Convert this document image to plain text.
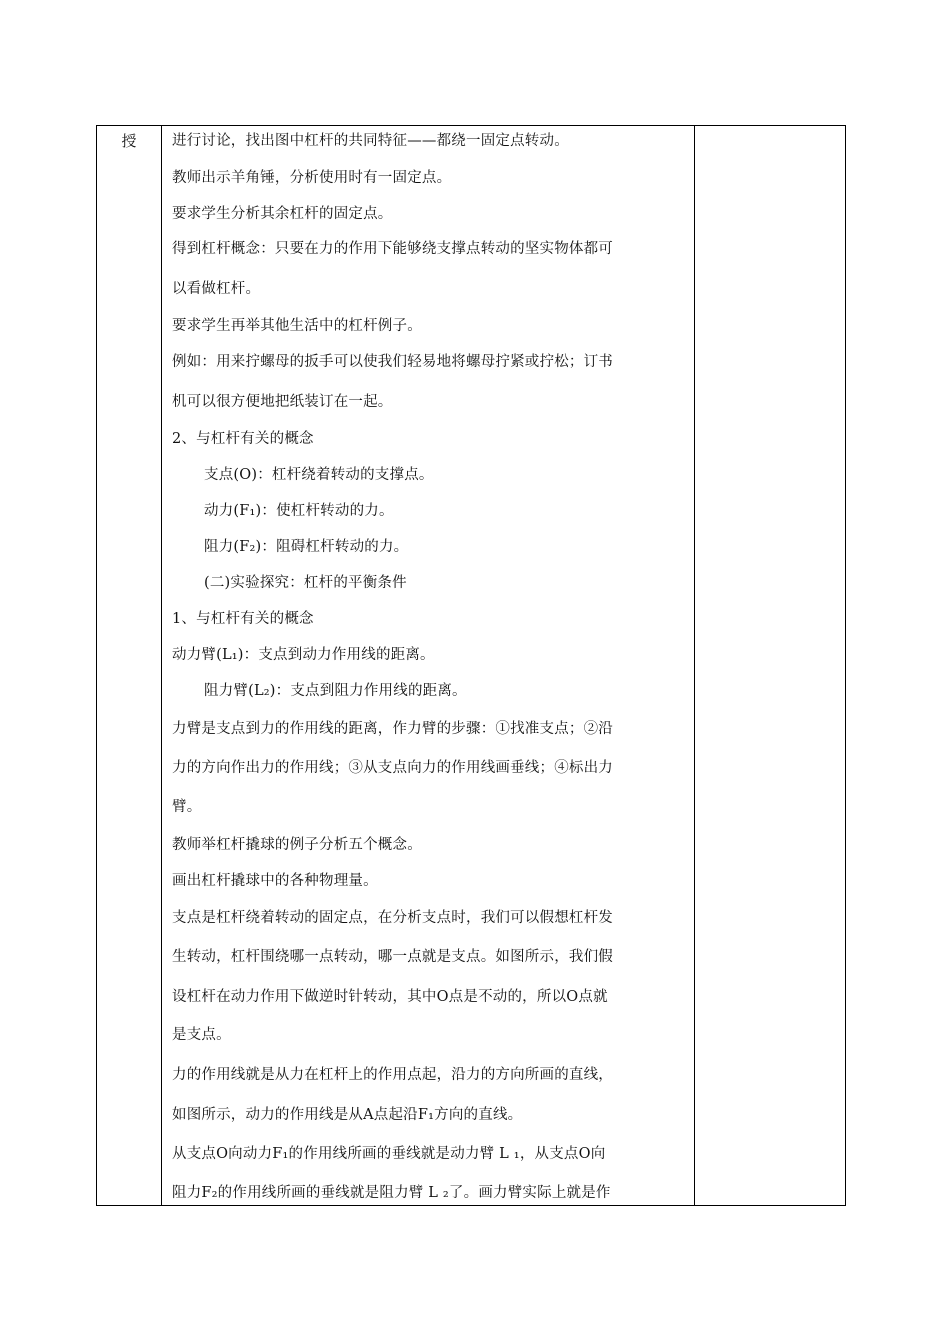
授	进行讨论，找出图中杠杆的共同特征——都绕一固定点转动。
教师出示羊角锤，分析使用时有一固定点。
要求学生分析其余杠杆的固定点。
得到杠杆概念：只要在力的作用下能够绕支撑点转动的坚实物体都可
以看做杠杆。
要求学生再举其他生活中的杠杆例子。
例如：用来拧螺母的扳手可以使我们轻易地将螺母拧紧或拧松；订书
机可以很方便地把纸装订在一起。
2、与杠杆有关的概念
支点(O)：杠杆绕着转动的支撑点。
动力(F₁)：使杠杆转动的力。
阻力(F₂)：阻碍杠杆转动的力。
(二)实验探究：杠杆的平衡条件
1、与杠杆有关的概念
动力臂(L₁)：支点到动力作用线的距离。
阻力臂(L₂)：支点到阻力作用线的距离。
力臂是支点到力的作用线的距离，作力臂的步骤：①找准支点；②沿
力的方向作出力的作用线；③从支点向力的作用线画垂线；④标出力
臂。
教师举杠杆撬球的例子分析五个概念。
画出杠杆撬球中的各种物理量。
支点是杠杆绕着转动的固定点，在分析支点时，我们可以假想杠杆发
生转动，杠杆围绕哪一点转动，哪一点就是支点。如图所示，我们假
设杠杆在动力作用下做逆时针转动，其中O点是不动的，所以O点就
是支点。
力的作用线就是从力在杠杆上的作用点起，沿力的方向所画的直线，
如图所示，动力的作用线是从A点起沿F₁方向的直线。
从支点O向动力F₁的作用线所画的垂线就是动力臂 L ₁，从支点O向
阻力F₂的作用线所画的垂线就是阻力臂 L ₂了。画力臂实际上就是作
